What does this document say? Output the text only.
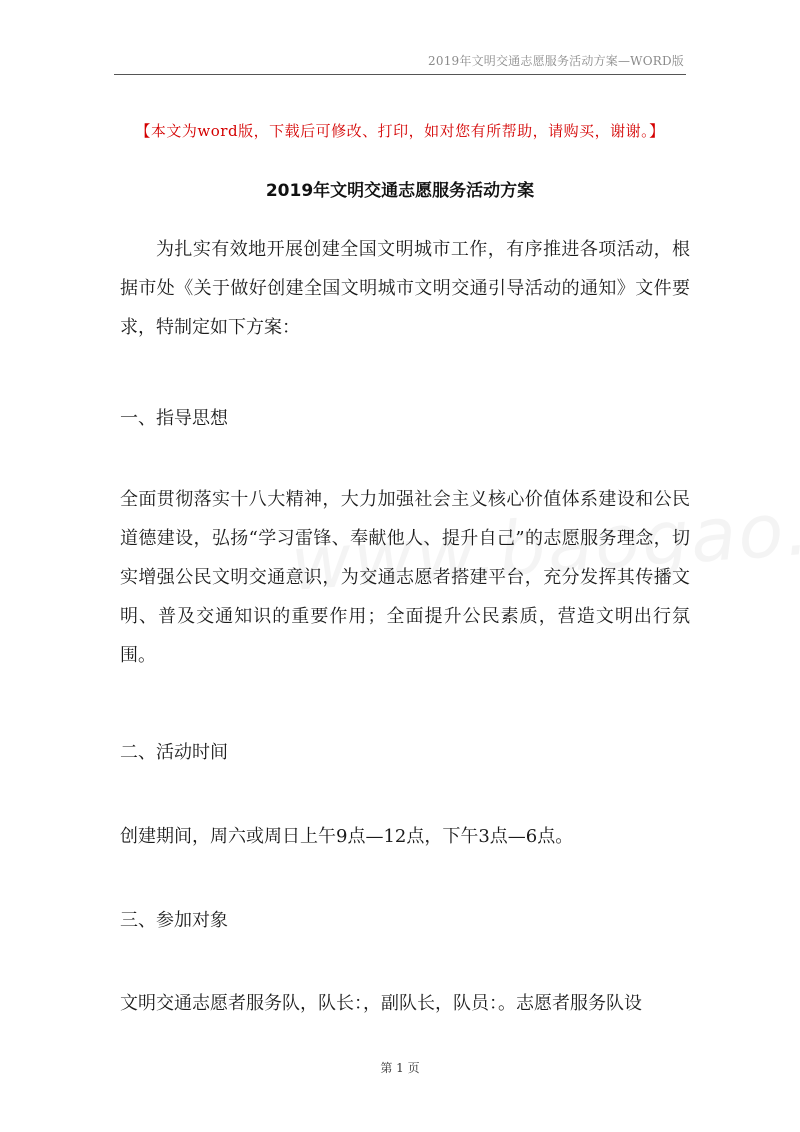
2019年文明交通志愿服务活动方案—WORD版
【本文为word版，下载后可修改、打印，如对您有所帮助，请购买，谢谢。】
2019年文明交通志愿服务活动方案
为扎实有效地开展创建全国文明城市工作，有序推进各项活动，根据市处《关于做好创建全国文明城市文明交通引导活动的通知》文件要求，特制定如下方案：
一、指导思想
全面贯彻落实十八大精神，大力加强社会主义核心价值体系建设和公民道德建设，弘扬“学习雷锋、奉献他人、提升自己”的志愿服务理念，切实增强公民文明交通意识，为交通志愿者搭建平台，充分发挥其传播文明、普及交通知识的重要作用；全面提升公民素质，营造文明出行氛围。
二、活动时间
创建期间，周六或周日上午9点—12点，下午3点—6点。
三、参加对象
文明交通志愿者服务队，队长：，副队长，队员：。志愿者服务队设
第 1 页
